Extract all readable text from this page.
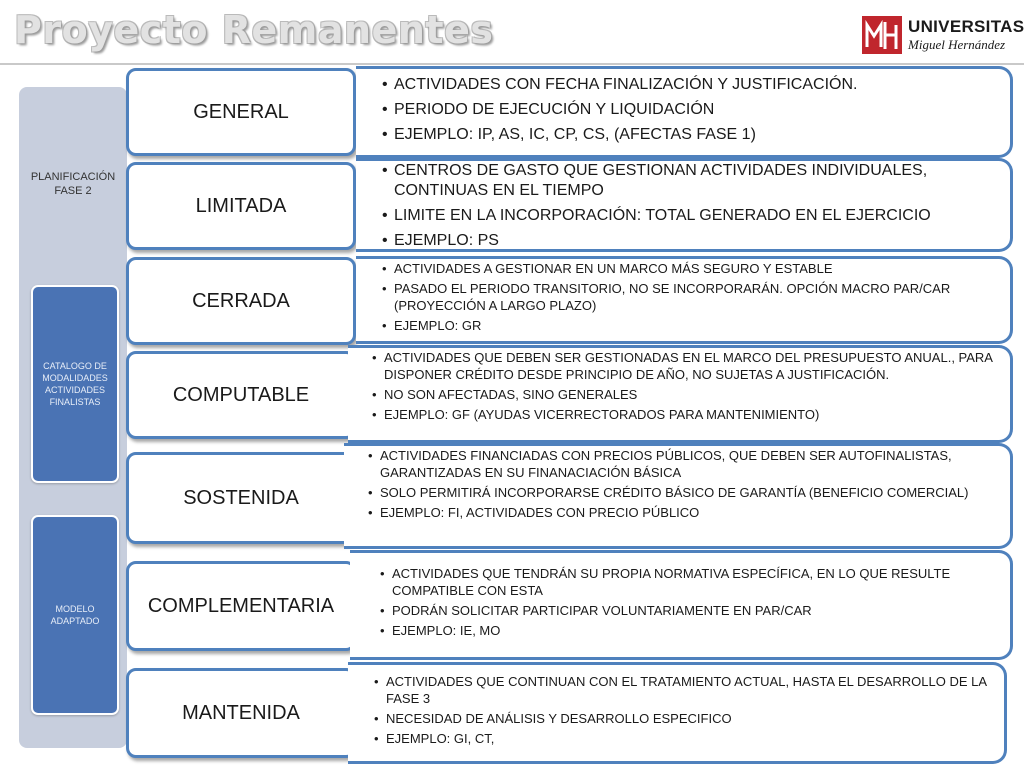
Proyecto Remanentes	UNIVERSITAS
Miguel Hernández
PLANIFICACIÓN FASE 2
CATALOGO DE MODALIDADES ACTIVIDADES FINALISTAS
MODELO ADAPTADO
GENERAL
• ACTIVIDADES CON FECHA FINALIZACIÓN Y JUSTIFICACIÓN.
• PERIODO DE EJECUCIÓN Y LIQUIDACIÓN
• EJEMPLO: IP, AS, IC, CP, CS, (AFECTAS FASE 1)
LIMITADA
• CENTROS DE GASTO QUE GESTIONAN ACTIVIDADES INDIVIDUALES, CONTINUAS EN EL TIEMPO
• LIMITE EN LA INCORPORACIÓN: TOTAL GENERADO EN EL EJERCICIO
• EJEMPLO: PS
CERRADA
• ACTIVIDADES A GESTIONAR EN UN MARCO MÁS SEGURO Y ESTABLE
• PASADO EL PERIODO TRANSITORIO, NO SE INCORPORARÁN. OPCIÓN MACRO PAR/CAR (PROYECCIÓN A LARGO PLAZO)
• EJEMPLO: GR
COMPUTABLE
• ACTIVIDADES QUE DEBEN SER GESTIONADAS EN EL MARCO DEL PRESUPUESTO ANUAL., PARA DISPONER CRÉDITO DESDE PRINCIPIO DE AÑO, NO SUJETAS A JUSTIFICACIÓN.
• NO SON AFECTADAS, SINO GENERALES
• EJEMPLO: GF (AYUDAS VICERRECTORADOS PARA MANTENIMIENTO)
SOSTENIDA
• ACTIVIDADES FINANCIADAS CON PRECIOS PÚBLICOS, QUE DEBEN SER AUTOFINALISTAS, GARANTIZADAS EN SU FINANACIACIÓN BÁSICA
• SOLO PERMITIRÁ INCORPORARSE CRÉDITO BÁSICO DE GARANTÍA (BENEFICIO COMERCIAL)
• EJEMPLO: FI, ACTIVIDADES CON PRECIO PÚBLICO
COMPLEMENTARIA
• ACTIVIDADES QUE TENDRÁN SU PROPIA NORMATIVA ESPECÍFICA, EN LO QUE RESULTE COMPATIBLE CON ESTA
• PODRÁN SOLICITAR PARTICIPAR VOLUNTARIAMENTE EN PAR/CAR
• EJEMPLO: IE, MO
MANTENIDA
• ACTIVIDADES QUE CONTINUAN CON EL TRATAMIENTO ACTUAL, HASTA EL DESARROLLO DE LA FASE 3
• NECESIDAD DE ANÁLISIS Y DESARROLLO ESPECIFICO
• EJEMPLO: GI, CT,
